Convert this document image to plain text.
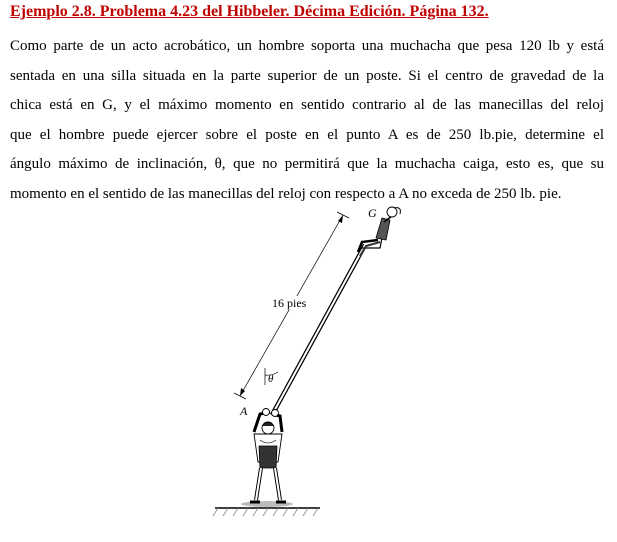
Ejemplo 2.8. Problema 4.23 del Hibbeler. Décima Edición. Página 132.
Como parte de un acto acrobático, un hombre soporta una muchacha que pesa 120 lb y está
sentada en una silla situada en la parte superior de un poste. Si el centro de gravedad de la
chica está en G, y el máximo momento en sentido contrario al de las manecillas del reloj
que el hombre puede ejercer sobre el poste en el punto A es de 250 lb.pie, determine el
ángulo máximo de inclinación, θ, que no permitirá que la muchacha caiga, esto es, que su
momento en el sentido de las manecillas del reloj con respecto a A no exceda de 250 lb. pie.
16 pies
θ
A
G
